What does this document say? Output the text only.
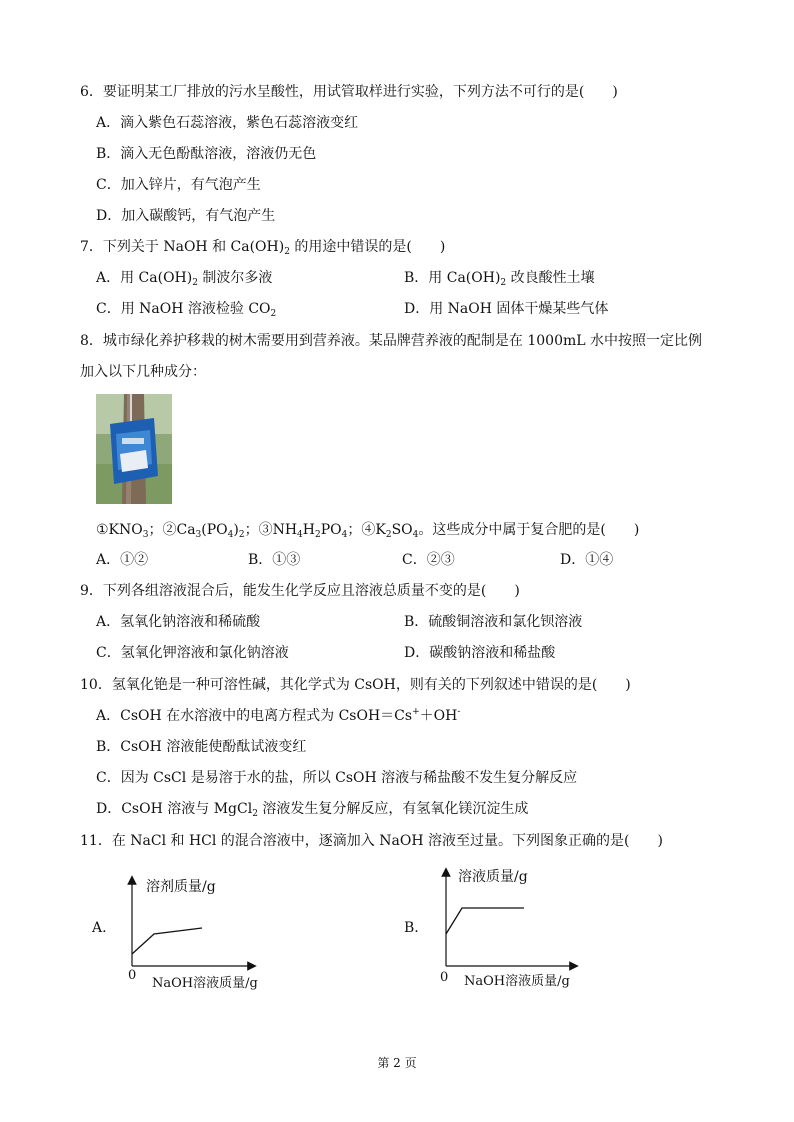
6．要证明某工厂排放的污水呈酸性，用试管取样进行实验，下列方法不可行的是(　　)
A．滴入紫色石蕊溶液，紫色石蕊溶液变红
B．滴入无色酚酞溶液，溶液仍无色
C．加入锌片，有气泡产生
D．加入碳酸钙，有气泡产生
7．下列关于 NaOH 和 $Ca(OH)_2$ 的用途中错误的是(　　)
A．用 $Ca(OH)_2$ 制波尔多液	B．用 $Ca(OH)_2$ 改良酸性土壤
C．用 NaOH 溶液检验 $CO_2$	D．用 NaOH 固体干燥某些气体
8．城市绿化养护移栽的树木需要用到营养液。某品牌营养液的配制是在 1000mL 水中按照一定比例
加入以下几种成分：
$①KNO_3$；$②Ca_3(PO_4)_2$；$③NH_4H_2PO_4$；$④K_2SO_4$。这些成分中属于复合肥的是(　　)
A．①②	B．①③	C．②③	D．①④
9．下列各组溶液混合后，能发生化学反应且溶液总质量不变的是(　　)
A．氢氧化钠溶液和稀硫酸	B．硫酸铜溶液和氯化钡溶液
C．氢氧化钾溶液和氯化钠溶液	D．碳酸钠溶液和稀盐酸
10．氢氧化铯是一种可溶性碱，其化学式为 CsOH，则有关的下列叙述中错误的是(　　)
A．CsOH 在水溶液中的电离方程式为 CsOH＝Cs+＋OH-
B．CsOH 溶液能使酚酞试液变红
C．因为 CsCl 是易溶于水的盐，所以 CsOH 溶液与稀盐酸不发生复分解反应
D．CsOH 溶液与 MgCl$_2$ 溶液发生复分解反应，有氢氧化镁沉淀生成
11．在 NaCl 和 HCl 的混合溶液中，逐滴加入 NaOH 溶液至过量。下列图象正确的是(　　)
A.
溶剂质量/g
0
NaOH溶液质量/g
B.
溶液质量/g
0 NaOH溶液质量/g
第 2 页
